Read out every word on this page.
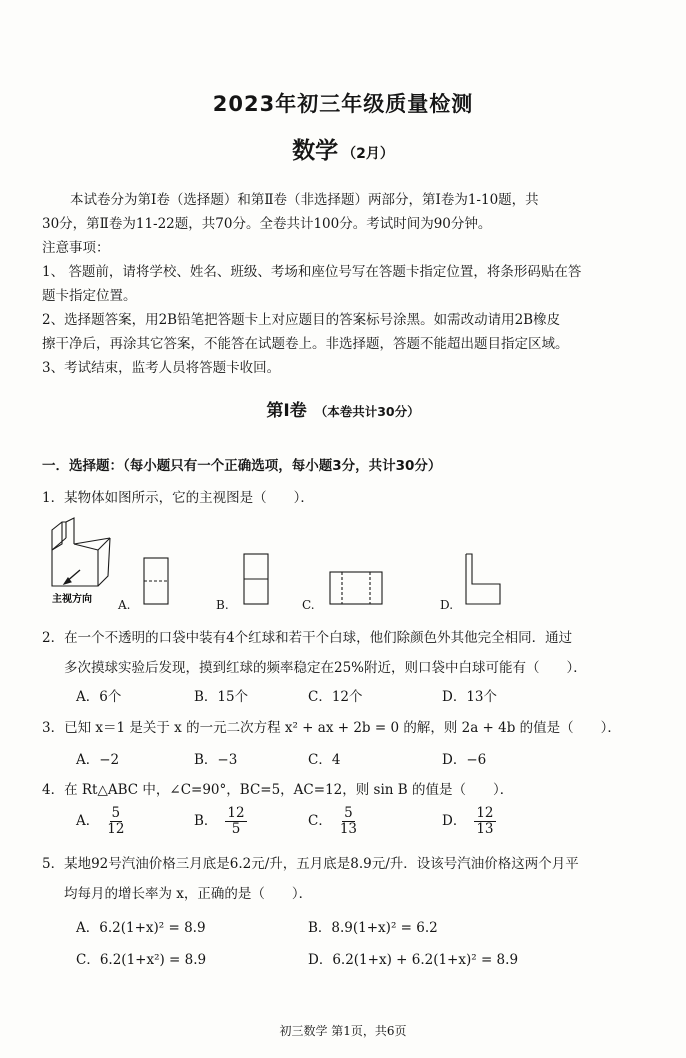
2023年初三年级质量检测
数学 （2月）
本试卷分为第Ⅰ卷（选择题）和第Ⅱ卷（非选择题）两部分，第Ⅰ卷为1-10题，共
30分，第Ⅱ卷为11-22题，共70分。全卷共计100分。考试时间为90分钟。
注意事项：
1、 答题前，请将学校、姓名、班级、考场和座位号写在答题卡指定位置，将条形码贴在答
题卡指定位置。
2、选择题答案，用2B铅笔把答题卡上对应题目的答案标号涂黑。如需改动请用2B橡皮
擦干净后，再涂其它答案，不能答在试题卷上。非选择题，答题不能超出题目指定区域。
3、考试结束，监考人员将答题卡收回。
第Ⅰ卷 （本卷共计30分）
一．选择题：（每小题只有一个正确选项，每小题3分，共计30分）
1．某物体如图所示，它的主视图是（　　）．
主视方向 A.	B.	C.	D.
2．在一个不透明的口袋中装有4个红球和若干个白球，他们除颜色外其他完全相同．通过
多次摸球实验后发现，摸到红球的频率稳定在25%附近，则口袋中白球可能有（　　）．
A．6个	B．15个	C．12个	D．13个
3．已知 x＝1 是关于 x 的一元二次方程 x² + ax + 2b = 0 的解，则 2a + 4b 的值是（　　）．
A．−2	B．−3	C．4	D．−6
4．在 Rt△ABC 中，∠C=90°，BC=5，AC=12，则 sin B 的值是（　　）．
A． $\frac{5}{12}$	B． $\frac{12}{5}$	C． $\frac{5}{13}$	D． $\frac{12}{13}$
5．某地92号汽油价格三月底是6.2元/升，五月底是8.9元/升．设该号汽油价格这两个月平
均每月的增长率为 x，正确的是（　　）．
A．6.2(1+x)² = 8.9	B．8.9(1+x)² = 6.2
C．6.2(1+x²) = 8.9	D．6.2(1+x) + 6.2(1+x)² = 8.9
初三数学 第1页，共6页
